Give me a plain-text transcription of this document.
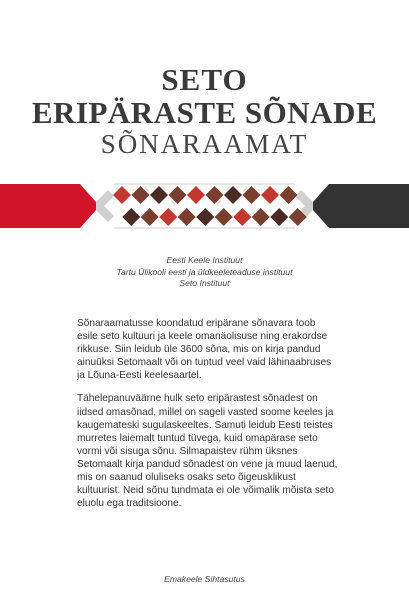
SETO
ERIPÄRASTE SÕNADE
SÕNARAAMAT
Eesti Keele Instituut
Tartu Ülikooli eesti ja üldkeeleteaduse instituut
Seto Instituut

Sõnaraamatusse koondatud eripärane sõnavara toob esile seto kultuuri ja keele omanäolisuse ning erakordse rikkuse. Siin leidub üle 3600 sõna, mis on kirja pandud ainuüksi Setomaalt või on tuntud veel vaid lähinaabruses ja Lõuna-Eesti keelesaartel.

Tähelepanuväärne hulk seto eripärastest sõnadest on iidsed omasõnad, millel on sageli vasted soome keeles ja kaugemateski sugulaskeeltes. Samuti leidub Eesti teistes murretes laiemalt tuntud tüvega, kuid omapärase seto vormi või sisuga sõnu. Silmapaistev rühm üksnes Setomaalt kirja pandud sõnadest on vene ja muud laenud, mis on saanud oluliseks osaks seto õigeusklikust kultuurist. Neid sõnu tundmata ei ole võimalik mõista seto eluolu ega traditsioone.

Emakeele Sihtasutus
